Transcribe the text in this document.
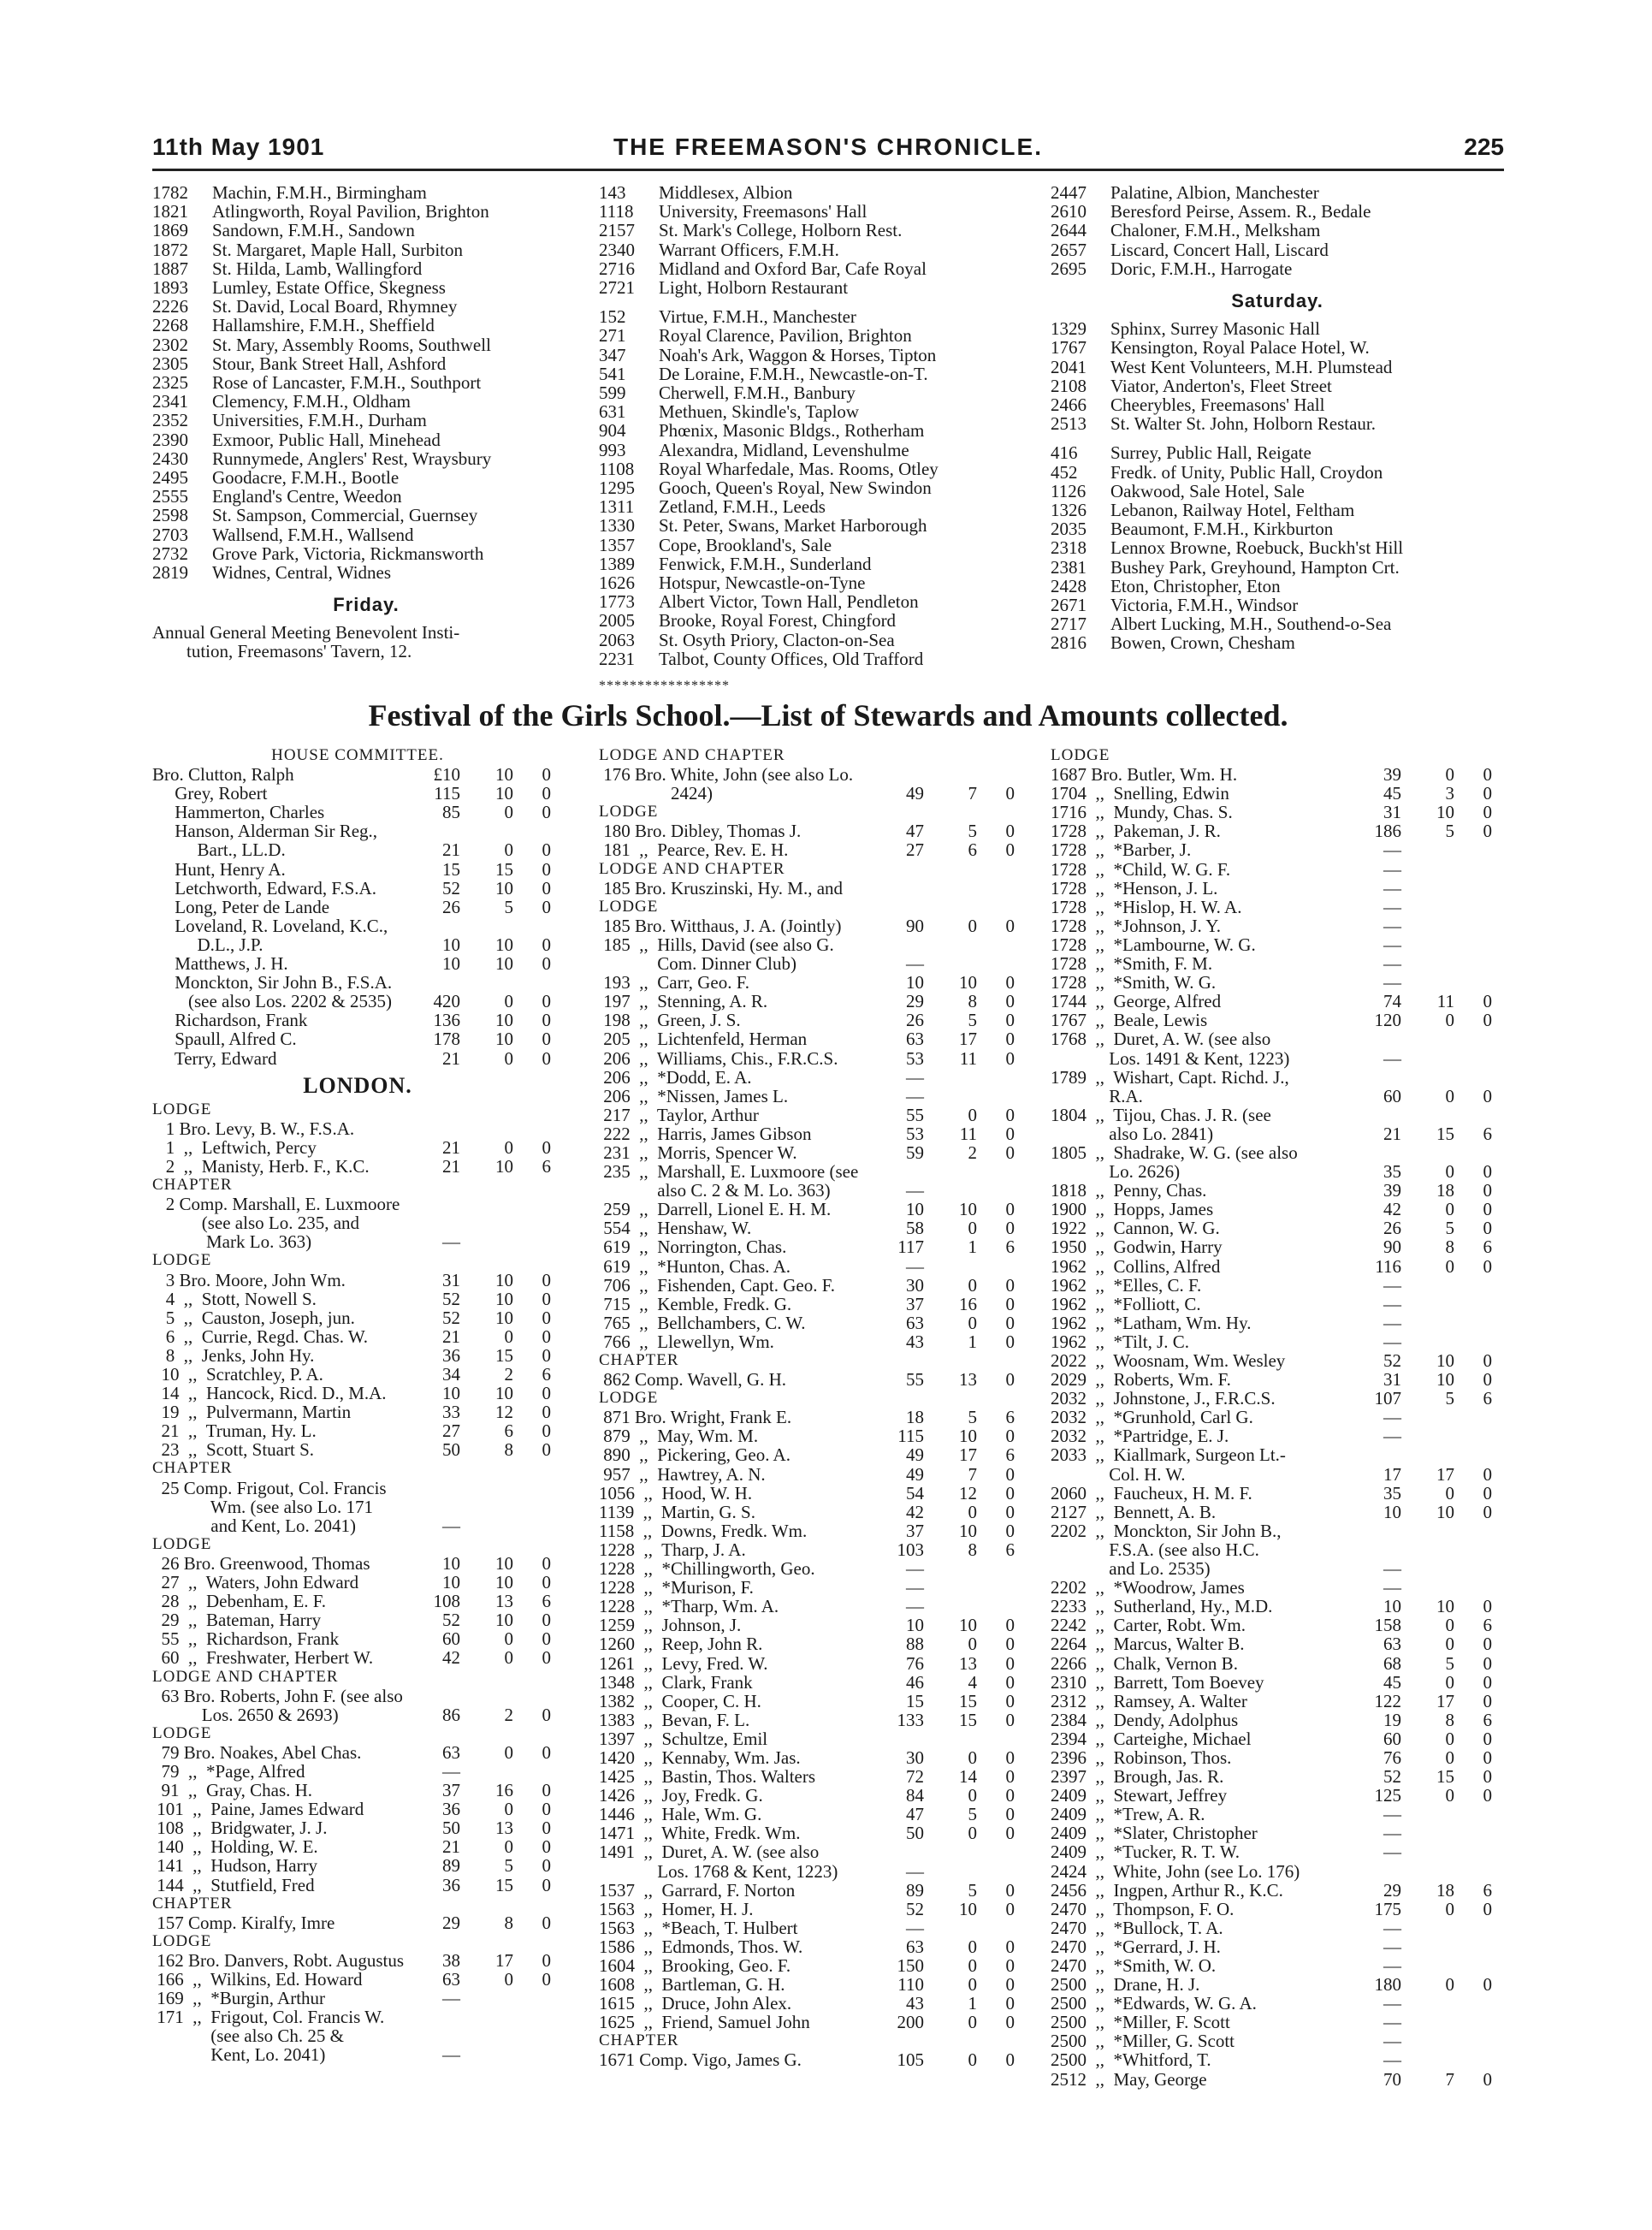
11th May 1901	THE FREEMASON'S CHRONICLE.	225
1782 Machin, F.M.H., Birmingham
1821 Atlingworth, Royal Pavilion, Brighton
1869 Sandown, F.M.H., Sandown
1872 St. Margaret, Maple Hall, Surbiton
1887 St. Hilda, Lamb, Wallingford
1893 Lumley, Estate Office, Skegness
2226 St. David, Local Board, Rhymney
2268 Hallamshire, F.M.H., Sheffield
2302 St. Mary, Assembly Rooms, Southwell
2305 Stour, Bank Street Hall, Ashford
2325 Rose of Lancaster, F.M.H., Southport
2341 Clemency, F.M.H., Oldham
2352 Universities, F.M.H., Durham
2390 Exmoor, Public Hall, Minehead
2430 Runnymede, Anglers' Rest, Wraysbury
2495 Goodacre, F.M.H., Bootle
2555 England's Centre, Weedon
2598 St. Sampson, Commercial, Guernsey
2703 Wallsend, F.M.H., Wallsend
2732 Grove Park, Victoria, Rickmansworth
2819 Widnes, Central, Widnes
Friday.
Annual General Meeting Benevolent Insti-
tution, Freemasons' Tavern, 12.
143 Middlesex, Albion
1118 University, Freemasons' Hall
2157 St. Mark's College, Holborn Rest.
2340 Warrant Officers, F.M.H.
2716 Midland and Oxford Bar, Cafe Royal
2721 Light, Holborn Restaurant
152 Virtue, F.M.H., Manchester
271 Royal Clarence, Pavilion, Brighton
347 Noah's Ark, Waggon & Horses, Tipton
541 De Loraine, F.M.H., Newcastle-on-T.
599 Cherwell, F.M.H., Banbury
631 Methuen, Skindle's, Taplow
904 Phœnix, Masonic Bldgs., Rotherham
993 Alexandra, Midland, Levenshulme
1108 Royal Wharfedale, Mas. Rooms, Otley
1295 Gooch, Queen's Royal, New Swindon
1311 Zetland, F.M.H., Leeds
1330 St. Peter, Swans, Market Harborough
1357 Cope, Brookland's, Sale
1389 Fenwick, F.M.H., Sunderland
1626 Hotspur, Newcastle-on-Tyne
1773 Albert Victor, Town Hall, Pendleton
2005 Brooke, Royal Forest, Chingford
2063 St. Osyth Priory, Clacton-on-Sea
2231 Talbot, County Offices, Old Trafford
2447 Palatine, Albion, Manchester
2610 Beresford Peirse, Assem. R., Bedale
2644 Chaloner, F.M.H., Melksham
2657 Liscard, Concert Hall, Liscard
2695 Doric, F.M.H., Harrogate
Saturday.
1329 Sphinx, Surrey Masonic Hall
1767 Kensington, Royal Palace Hotel, W.
2041 West Kent Volunteers, M.H. Plumstead
2108 Viator, Anderton's, Fleet Street
2466 Cheerybles, Freemasons' Hall
2513 St. Walter St. John, Holborn Restaur.
416 Surrey, Public Hall, Reigate
452 Fredk. of Unity, Public Hall, Croydon
1126 Oakwood, Sale Hotel, Sale
1326 Lebanon, Railway Hotel, Feltham
2035 Beaumont, F.M.H., Kirkburton
2318 Lennox Browne, Roebuck, Buckh'st Hill
2381 Bushey Park, Greyhound, Hampton Crt.
2428 Eton, Christopher, Eton
2671 Victoria, F.M.H., Windsor
2717 Albert Lucking, M.H., Southend-o-Sea
2816 Bowen, Crown, Chesham
*****************
Festival of the Girls School.—List of Stewards and Amounts collected.
HOUSE COMMITTEE.
Bro. Clutton, Ralph	£10	10	0
Grey, Robert	115	10	0
Hammerton, Charles	85	0	0
Hanson, Alderman Sir Reg.,
Bart., LL.D.	21	0	0
Hunt, Henry A.	15	15	0
Letchworth, Edward, F.S.A.	52	10	0
Long, Peter de Lande	26	5	0
Loveland, R. Loveland, K.C.,
D.L., J.P.	10	10	0
Matthews, J. H.	10	10	0
Monckton, Sir John B., F.S.A.
(see also Los. 2202 & 2535)	420	0	0
Richardson, Frank	136	10	0
Spaull, Alfred C.	178	10	0
Terry, Edward	21	0	0
LONDON.
LODGE
1 Bro. Levy, B. W., F.S.A.
1  ,,  Leftwich, Percy	21	0	0
2  ,,  Manisty, Herb. F., K.C.	21	10	6
CHAPTER
2 Comp. Marshall, E. Luxmoore
(see also Lo. 235, and
Mark Lo. 363)	—
LODGE
3 Bro. Moore, John Wm.	31	10	0
4  ,,  Stott, Nowell S.	52	10	0
5  ,,  Causton, Joseph, jun.	52	10	0
6  ,,  Currie, Regd. Chas. W.	21	0	0
8  ,,  Jenks, John Hy.	36	15	0
10  ,,  Scratchley, P. A.	34	2	6
14  ,,  Hancock, Ricd. D., M.A.	10	10	0
19  ,,  Pulvermann, Martin	33	12	0
21  ,,  Truman, Hy. L.	27	6	0
23  ,,  Scott, Stuart S.	50	8	0
CHAPTER
25 Comp. Frigout, Col. Francis
Wm. (see also Lo. 171
and Kent, Lo. 2041)	—
LODGE
26 Bro. Greenwood, Thomas	10	10	0
27  ,,  Waters, John Edward	10	10	0
28  ,,  Debenham, E. F.	108	13	6
29  ,,  Bateman, Harry	52	10	0
55  ,,  Richardson, Frank	60	0	0
60  ,,  Freshwater, Herbert W.	42	0	0
LODGE AND CHAPTER
63 Bro. Roberts, John F. (see also
Los. 2650 & 2693)	86	2	0
LODGE
79 Bro. Noakes, Abel Chas.	63	0	0
79  ,,  *Page, Alfred	—
91  ,,  Gray, Chas. H.	37	16	0
101  ,,  Paine, James Edward	36	0	0
108  ,,  Bridgwater, J. J.	50	13	0
140  ,,  Holding, W. E.	21	0	0
141  ,,  Hudson, Harry	89	5	0
144  ,,  Stutfield, Fred	36	15	0
CHAPTER
157 Comp. Kiralfy, Imre	29	8	0
LODGE
162 Bro. Danvers, Robt. Augustus	38	17	0
166  ,,  Wilkins, Ed. Howard	63	0	0
169  ,,  *Burgin, Arthur	—
171  ,,  Frigout, Col. Francis W.
(see also Ch. 25 &
Kent, Lo. 2041)	—
LODGE AND CHAPTER
176 Bro. White, John (see also Lo.
2424)	49	7	0
LODGE
180 Bro. Dibley, Thomas J.	47	5	0
181  ,,  Pearce, Rev. E. H.	27	6	0
LODGE AND CHAPTER
185 Bro. Kruszinski, Hy. M., and
LODGE
185 Bro. Witthaus, J. A. (Jointly)	90	0	0
185  ,,  Hills, David (see also G.
Com. Dinner Club)	—
193  ,,  Carr, Geo. F.	10	10	0
197  ,,  Stenning, A. R.	29	8	0
198  ,,  Green, J. S.	26	5	0
205  ,,  Lichtenfeld, Herman	63	17	0
206  ,,  Williams, Chis., F.R.C.S.	53	11	0
206  ,,  *Dodd, E. A.	—
206  ,,  *Nissen, James L.	—
217  ,,  Taylor, Arthur	55	0	0
222  ,,  Harris, James Gibson	53	11	0
231  ,,  Morris, Spencer W.	59	2	0
235  ,,  Marshall, E. Luxmoore (see
also C. 2 & M. Lo. 363)	—
259  ,,  Darrell, Lionel E. H. M.	10	10	0
554  ,,  Henshaw, W.	58	0	0
619  ,,  Norrington, Chas.	117	1	6
619  ,,  *Hunton, Chas. A.	—
706  ,,  Fishenden, Capt. Geo. F.	30	0	0
715  ,,  Kemble, Fredk. G.	37	16	0
765  ,,  Bellchambers, C. W.	63	0	0
766  ,,  Llewellyn, Wm.	43	1	0
CHAPTER
862 Comp. Wavell, G. H.	55	13	0
LODGE
871 Bro. Wright, Frank E.	18	5	6
879  ,,  May, Wm. M.	115	10	0
890  ,,  Pickering, Geo. A.	49	17	6
957  ,,  Hawtrey, A. N.	49	7	0
1056  ,,  Hood, W. H.	54	12	0
1139  ,,  Martin, G. S.	42	0	0
1158  ,,  Downs, Fredk. Wm.	37	10	0
1228  ,,  Tharp, J. A.	103	8	6
1228  ,,  *Chillingworth, Geo.	—
1228  ,,  *Murison, F.	—
1228  ,,  *Tharp, Wm. A.	—
1259  ,,  Johnson, J.	10	10	0
1260  ,,  Reep, John R.	88	0	0
1261  ,,  Levy, Fred. W.	76	13	0
1348  ,,  Clark, Frank	46	4	0
1382  ,,  Cooper, C. H.	15	15	0
1383  ,,  Bevan, F. L.	133	15	0
1397  ,,  Schultze, Emil
1420  ,,  Kennaby, Wm. Jas.	30	0	0
1425  ,,  Bastin, Thos. Walters	72	14	0
1426  ,,  Joy, Fredk. G.	84	0	0
1446  ,,  Hale, Wm. G.	47	5	0
1471  ,,  White, Fredk. Wm.	50	0	0
1491  ,,  Duret, A. W. (see also
Los. 1768 & Kent, 1223)	—
1537  ,,  Garrard, F. Norton	89	5	0
1563  ,,  Homer, H. J.	52	10	0
1563  ,,  *Beach, T. Hulbert	—
1586  ,,  Edmonds, Thos. W.	63	0	0
1604  ,,  Brooking, Geo. F.	150	0	0
1608  ,,  Bartleman, G. H.	110	0	0
1615  ,,  Druce, John Alex.	43	1	0
1625  ,,  Friend, Samuel John	200	0	0
CHAPTER
1671 Comp. Vigo, James G.	105	0	0
LODGE
1687 Bro. Butler, Wm. H.	39	0	0
1704  ,,  Snelling, Edwin	45	3	0
1716  ,,  Mundy, Chas. S.	31	10	0
1728  ,,  Pakeman, J. R.	186	5	0
1728  ,,  *Barber, J.	—
1728  ,,  *Child, W. G. F.	—
1728  ,,  *Henson, J. L.	—
1728  ,,  *Hislop, H. W. A.	—
1728  ,,  *Johnson, J. Y.	—
1728  ,,  *Lambourne, W. G.	—
1728  ,,  *Smith, F. M.	—
1728  ,,  *Smith, W. G.	—
1744  ,,  George, Alfred	74	11	0
1767  ,,  Beale, Lewis	120	0	0
1768  ,,  Duret, A. W. (see also
Los. 1491 & Kent, 1223)	—
1789  ,,  Wishart, Capt. Richd. J.,
R.A.	60	0	0
1804  ,,  Tijou, Chas. J. R. (see
also Lo. 2841)	21	15	6
1805  ,,  Shadrake, W. G. (see also
Lo. 2626)	35	0	0
1818  ,,  Penny, Chas.	39	18	0
1900  ,,  Hopps, James	42	0	0
1922  ,,  Cannon, W. G.	26	5	0
1950  ,,  Godwin, Harry	90	8	6
1962  ,,  Collins, Alfred	116	0	0
1962  ,,  *Elles, C. F.	—
1962  ,,  *Folliott, C.	—
1962  ,,  *Latham, Wm. Hy.	—
1962  ,,  *Tilt, J. C.	—
2022  ,,  Woosnam, Wm. Wesley	52	10	0
2029  ,,  Roberts, Wm. F.	31	10	0
2032  ,,  Johnstone, J., F.R.C.S.	107	5	6
2032  ,,  *Grunhold, Carl G.	—
2032  ,,  *Partridge, E. J.	—
2033  ,,  Kiallmark, Surgeon Lt.-
Col. H. W.	17	17	0
2060  ,,  Faucheux, H. M. F.	35	0	0
2127  ,,  Bennett, A. B.	10	10	0
2202  ,,  Monckton, Sir John B.,
F.S.A. (see also H.C.
and Lo. 2535)	—
2202  ,,  *Woodrow, James	—
2233  ,,  Sutherland, Hy., M.D.	10	10	0
2242  ,,  Carter, Robt. Wm.	158	0	6
2264  ,,  Marcus, Walter B.	63	0	0
2266  ,,  Chalk, Vernon B.	68	5	0
2310  ,,  Barrett, Tom Boevey	45	0	0
2312  ,,  Ramsey, A. Walter	122	17	0
2384  ,,  Dendy, Adolphus	19	8	6
2394  ,,  Carteighe, Michael	60	0	0
2396  ,,  Robinson, Thos.	76	0	0
2397  ,,  Brough, Jas. R.	52	15	0
2409  ,,  Stewart, Jeffrey	125	0	0
2409  ,,  *Trew, A. R.	—
2409  ,,  *Slater, Christopher	—
2409  ,,  *Tucker, R. T. W.	—
2424  ,,  White, John (see Lo. 176)
2456  ,,  Ingpen, Arthur R., K.C.	29	18	6
2470  ,,  Thompson, F. O.	175	0	0
2470  ,,  *Bullock, T. A.	—
2470  ,,  *Gerrard, J. H.	—
2470  ,,  *Smith, W. O.	—
2500  ,,  Drane, H. J.	180	0	0
2500  ,,  *Edwards, W. G. A.	—
2500  ,,  *Miller, F. Scott	—
2500  ,,  *Miller, G. Scott	—
2500  ,,  *Whitford, T.	—
2512  ,,  May, George	70	7	0
